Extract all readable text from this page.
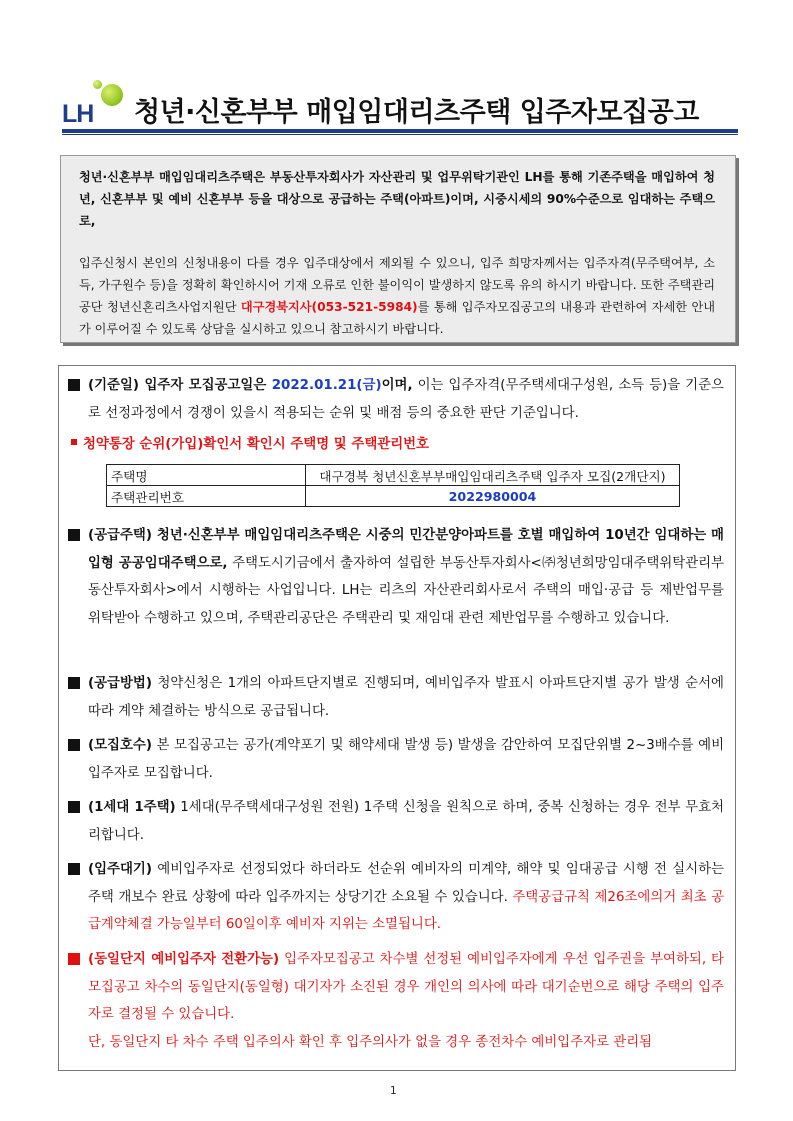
LH 청년·신혼부부 매입임대리츠주택 입주자모집공고

청년·신혼부부 매입임대리츠주택은 부동산투자회사가 자산관리 및 업무위탁기관인 LH를 통해 기존주택을 매입하여 청년, 신혼부부 및 예비 신혼부부 등을 대상으로 공급하는 주택(아파트)이며, 시중시세의 90%수준으로 임대하는 주택으로,

입주신청시 본인의 신청내용이 다를 경우 입주대상에서 제외될 수 있으니, 입주 희망자께서는 입주자격(무주택여부, 소득, 가구원수 등)을 정확히 확인하시어 기재 오류로 인한 불이익이 발생하지 않도록 유의 하시기 바랍니다. 또한 주택관리공단 청년신혼리츠사업지원단 대구경북지사(053-521-5984)를 통해 입주자모집공고의 내용과 관련하여 자세한 안내가 이루어질 수 있도록 상담을 실시하고 있으니 참고하시기 바랍니다.

(기준일) 입주자 모집공고일은 2022.01.21(금)이며, 이는 입주자격(무주택세대구성원, 소득 등)을 기준으로 선정과정에서 경쟁이 있을시 적용되는 순위 및 배점 등의 중요한 판단 기준입니다.
청약통장 순위(가입)확인서 확인시 주택명 및 주택관리번호
주택명	대구경북 청년신혼부부매입임대리츠주택 입주자 모집(2개단지)
주택관리번호	2022980004
(공급주택) 청년·신혼부부 매입임대리츠주택은 시중의 민간분양아파트를 호별 매입하여 10년간 임대하는 매입형 공공임대주택으로, 주택도시기금에서 출자하여 설립한 부동산투자회사<㈜청년희망임대주택위탁관리부동산투자회사>에서 시행하는 사업입니다. LH는 리츠의 자산관리회사로서 주택의 매입·공급 등 제반업무를 위탁받아 수행하고 있으며, 주택관리공단은 주택관리 및 재임대 관련 제반업무를 수행하고 있습니다.
(공급방법) 청약신청은 1개의 아파트단지별로 진행되며, 예비입주자 발표시 아파트단지별 공가 발생 순서에 따라 계약 체결하는 방식으로 공급됩니다.
(모집호수) 본 모집공고는 공가(계약포기 및 해약세대 발생 등) 발생을 감안하여 모집단위별 2~3배수를 예비입주자로 모집합니다.
(1세대 1주택) 1세대(무주택세대구성원 전원) 1주택 신청을 원칙으로 하며, 중복 신청하는 경우 전부 무효처리합니다.
(입주대기) 예비입주자로 선정되었다 하더라도 선순위 예비자의 미계약, 해약 및 임대공급 시행 전 실시하는 주택 개보수 완료 상황에 따라 입주까지는 상당기간 소요될 수 있습니다. 주택공급규칙 제26조에의거 최초 공급계약체결 가능일부터 60일이후 예비자 지위는 소멸됩니다.
(동일단지 예비입주자 전환가능) 입주자모집공고 차수별 선정된 예비입주자에게 우선 입주권을 부여하되, 타 모집공고 차수의 동일단지(동일형) 대기자가 소진된 경우 개인의 의사에 따라 대기순번으로 해당 주택의 입주자로 결정될 수 있습니다.
단, 동일단지 타 차수 주택 입주의사 확인 후 입주의사가 없을 경우 종전차수 예비입주자로 관리됨
1
